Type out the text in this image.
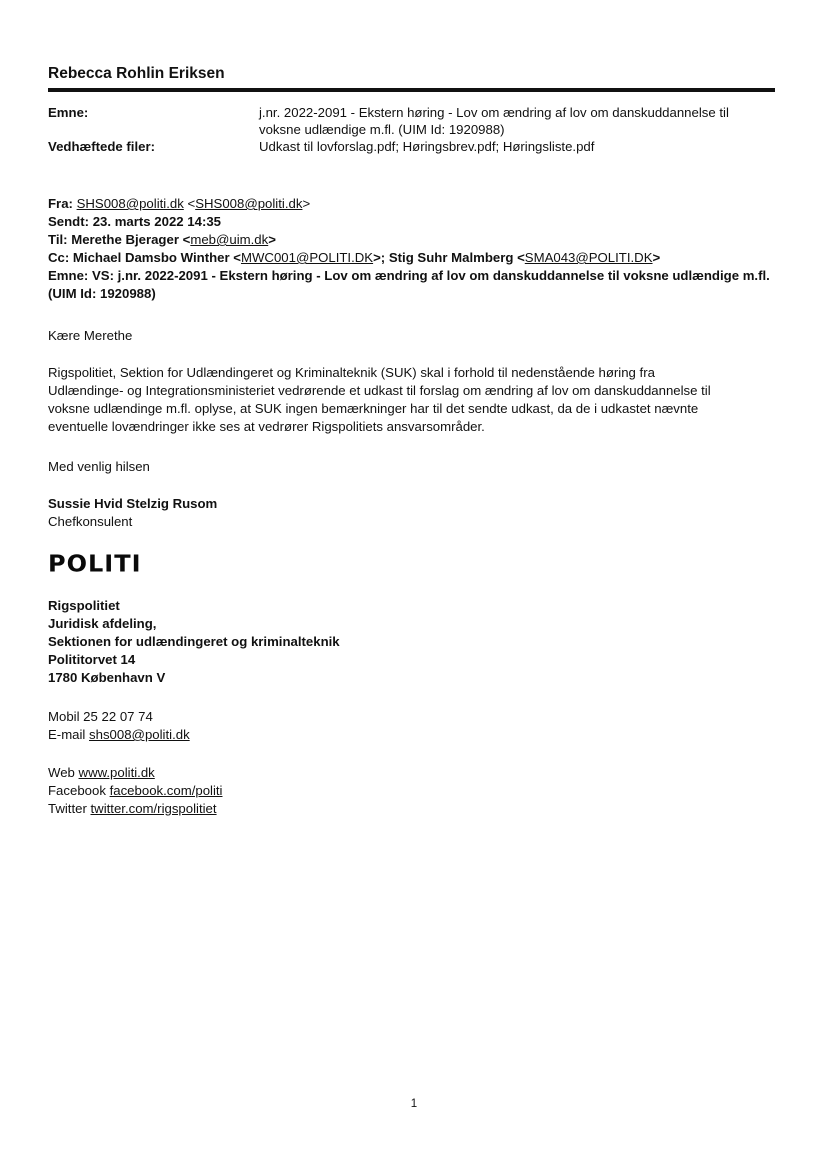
Rebecca Rohlin Eriksen

Emne:	j.nr. 2022-2091 - Ekstern høring - Lov om ændring af lov om danskuddannelse til
voksne udlændige m.fl. (UIM Id: 1920988)
Vedhæftede filer:	Udkast til lovforslag.pdf; Høringsbrev.pdf; Høringsliste.pdf

Fra: SHS008@politi.dk <SHS008@politi.dk>

Sendt: 23. marts 2022 14:35

Til: Merethe Bjerager <meb@uim.dk>

Cc: Michael Damsbo Winther <MWC001@POLITI.DK>; Stig Suhr Malmberg <SMA043@POLITI.DK>

Emne: VS: j.nr. 2022-2091 - Ekstern høring - Lov om ændring af lov om danskuddannelse til voksne udlændige m.fl.

(UIM Id: 1920988)

Kære Merethe

Rigspolitiet, Sektion for Udlændingeret og Kriminalteknik (SUK) skal i forhold til nedenstående høring fra

Udlændinge- og Integrationsministeriet vedrørende et udkast til forslag om ændring af lov om danskuddannelse til

voksne udlændinge m.fl. oplyse, at SUK ingen bemærkninger har til det sendte udkast, da de i udkastet nævnte

eventuelle lovændringer ikke ses at vedrører Rigspolitiets ansvarsområder.

Med venlig hilsen

Sussie Hvid Stelzig Rusom

Chefkonsulent

POLITI

Rigspolitiet

Juridisk afdeling,

Sektionen for udlændingeret og kriminalteknik

Polititorvet 14

1780 København V

Mobil 25 22 07 74

E-mail shs008@politi.dk

Web www.politi.dk

Facebook facebook.com/politi

Twitter twitter.com/rigspolitiet

1
